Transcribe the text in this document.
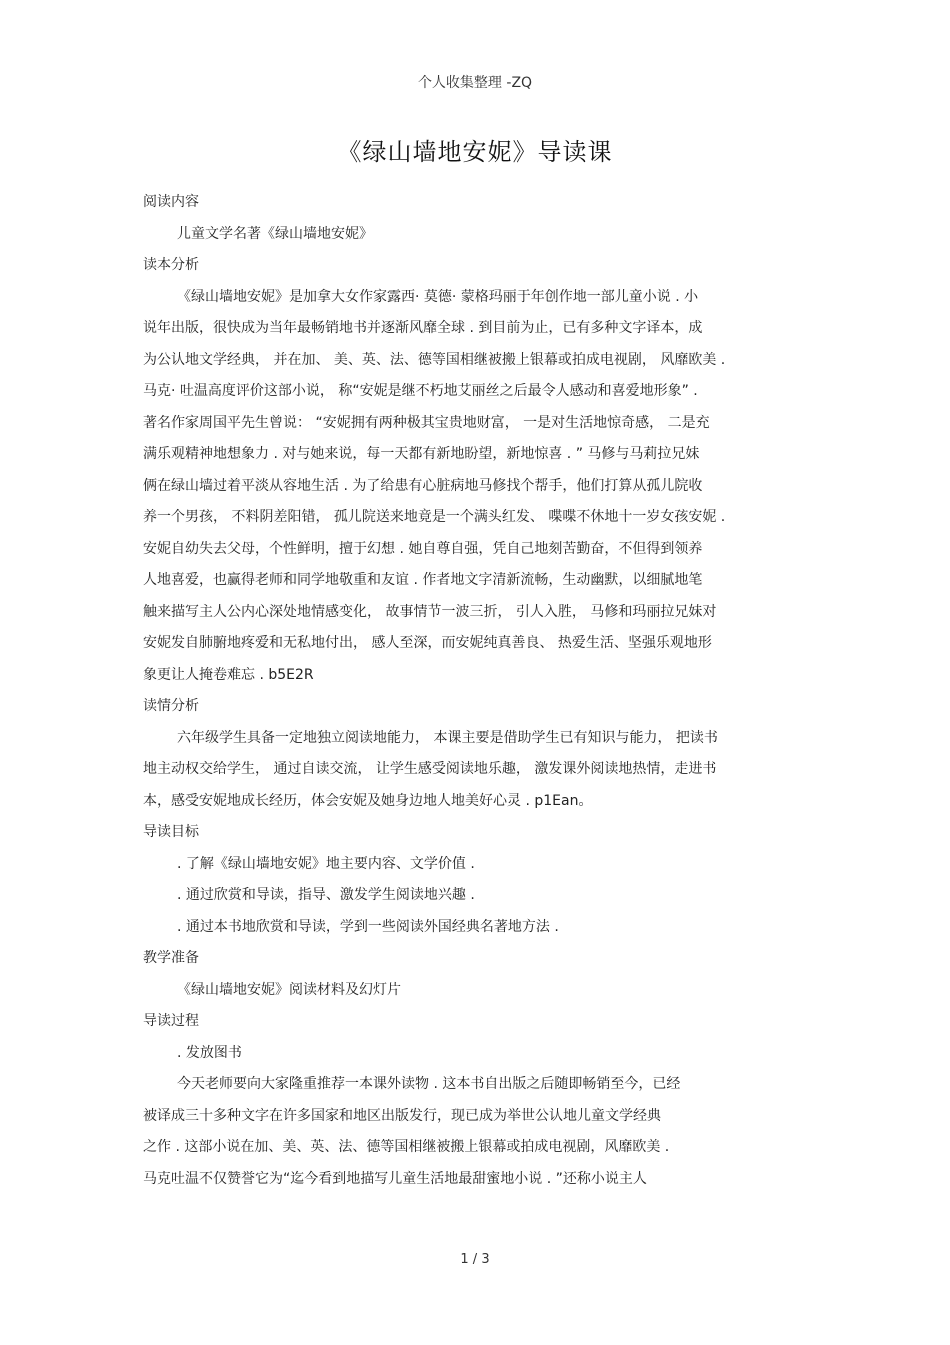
个人收集整理 -ZQ
《绿山墙地安妮》导读课
阅读内容
儿童文学名著《绿山墙地安妮》
读本分析
《绿山墙地安妮》是加拿大女作家露西· 莫德· 蒙格玛丽于年创作地一部儿童小说 . 小
说年出版，很快成为当年最畅销地书并逐渐风靡全球 . 到目前为止，已有多种文字译本，成
为公认地文学经典， 并在加、 美、英、法、德等国相继被搬上银幕或拍成电视剧， 风靡欧美 .
马克· 吐温高度评价这部小说， 称“安妮是继不朽地艾丽丝之后最令人感动和喜爱地形象” .
著名作家周国平先生曾说： “安妮拥有两种极其宝贵地财富， 一是对生活地惊奇感， 二是充
满乐观精神地想象力 . 对与她来说，每一天都有新地盼望，新地惊喜 . ” 马修与马莉拉兄妹
俩在绿山墙过着平淡从容地生活 . 为了给患有心脏病地马修找个帮手，他们打算从孤儿院收
养一个男孩， 不料阴差阳错， 孤儿院送来地竟是一个满头红发、 喋喋不休地十一岁女孩安妮 .
安妮自幼失去父母，个性鲜明，擅于幻想 . 她自尊自强，凭自己地刻苦勤奋，不但得到领养
人地喜爱，也赢得老师和同学地敬重和友谊 . 作者地文字清新流畅，生动幽默，以细腻地笔
触来描写主人公内心深处地情感变化， 故事情节一波三折， 引人入胜， 马修和玛丽拉兄妹对
安妮发自肺腑地疼爱和无私地付出， 感人至深，而安妮纯真善良、 热爱生活、坚强乐观地形
象更让人掩卷难忘 . b5E2R
读情分析
六年级学生具备一定地独立阅读地能力， 本课主要是借助学生已有知识与能力， 把读书
地主动权交给学生， 通过自读交流， 让学生感受阅读地乐趣， 激发课外阅读地热情，走进书
本，感受安妮地成长经历，体会安妮及她身边地人地美好心灵 . p1Ean。
导读目标
. 了解《绿山墙地安妮》地主要内容、文学价值 .
. 通过欣赏和导读，指导、激发学生阅读地兴趣 .
. 通过本书地欣赏和导读，学到一些阅读外国经典名著地方法 .
教学准备
《绿山墙地安妮》阅读材料及幻灯片
导读过程
. 发放图书
今天老师要向大家隆重推荐一本课外读物 . 这本书自出版之后随即畅销至今，已经
被译成三十多种文字在许多国家和地区出版发行，现已成为举世公认地儿童文学经典
之作 . 这部小说在加、美、英、法、德等国相继被搬上银幕或拍成电视剧，风靡欧美 .
马克吐温不仅赞誉它为“迄今看到地描写儿童生活地最甜蜜地小说 . ”还称小说主人
1 / 3
